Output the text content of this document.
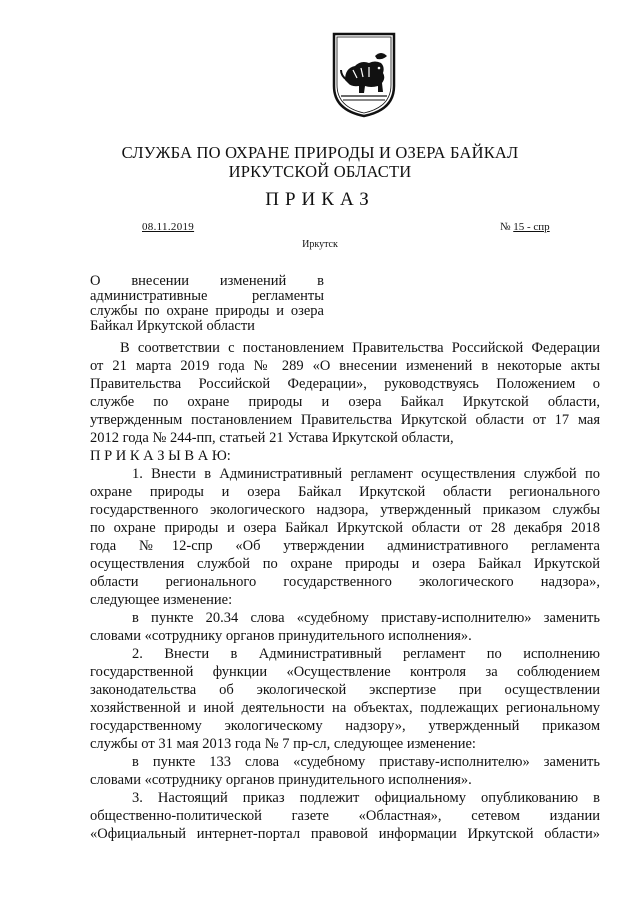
СЛУЖБА ПО ОХРАНЕ ПРИРОДЫ И ОЗЕРА БАЙКАЛ
ИРКУТСКОЙ ОБЛАСТИ
ПРИКАЗ
08.11.2019	№ 15 - спр
Иркутск
О внесении изменений в
административные регламенты
службы по охране природы и озера
Байкал Иркутской области
В соответствии с постановлением Правительства Российской Федерации
от 21 марта 2019 года № 289 «О внесении изменений в некоторые акты
Правительства Российской Федерации», руководствуясь Положением о
службе по охране природы и озера Байкал Иркутской области,
утвержденным постановлением Правительства Иркутской области от 17 мая
2012 года № 244-пп, статьей 21 Устава Иркутской области,
П Р И К А З Ы В А Ю:
1. Внести в Административный регламент осуществления службой по
охране природы и озера Байкал Иркутской области регионального
государственного экологического надзора, утвержденный приказом службы
по охране природы и озера Байкал Иркутской области от 28 декабря 2018
года №12-спр «Об утверждении административного регламента
осуществления службой по охране природы и озера Байкал Иркутской
области регионального государственного экологического надзора»,
следующее изменение:
в пункте 20.34 слова «судебному приставу-исполнителю» заменить
словами «сотруднику органов принудительного исполнения».
2. Внести в Административный регламент по исполнению
государственной функции «Осуществление контроля за соблюдением
законодательства об экологической экспертизе при осуществлении
хозяйственной и иной деятельности на объектах, подлежащих региональному
государственному экологическому надзору», утвержденный приказом
службы от 31 мая 2013 года № 7 пр-сл, следующее изменение:
в пункте 133 слова «судебному приставу-исполнителю» заменить
словами «сотруднику органов принудительного исполнения».
3. Настоящий приказ подлежит официальному опубликованию в
общественно-политической газете «Областная», сетевом издании
«Официальный интернет-портал правовой информации Иркутской области»
